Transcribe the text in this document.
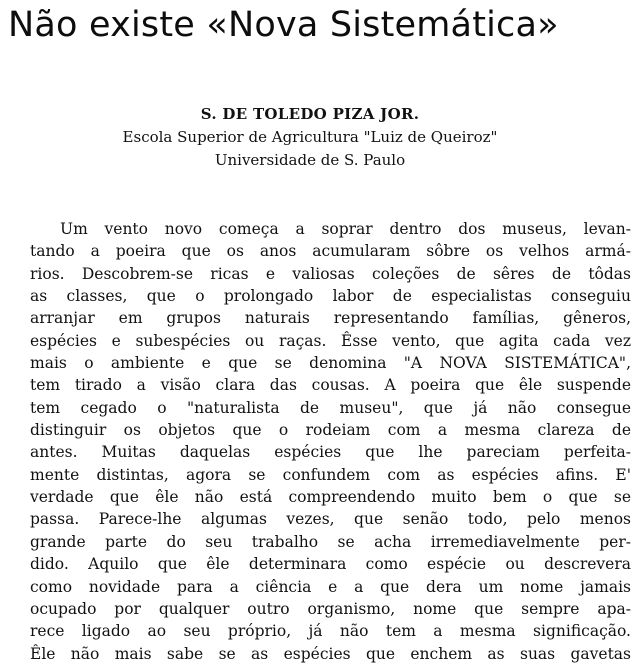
Não existe «Nova Sistemática»
S. DE TOLEDO PIZA JOR.
Escola Superior de Agricultura "Luiz de Queiroz"
Universidade de S. Paulo
Um vento novo começa a soprar dentro dos museus, levan-
tando a poeira que os anos acumularam sôbre os velhos armá-
rios. Descobrem-se ricas e valiosas coleções de sêres de tôdas
as classes, que o prolongado labor de especialistas conseguiu
arranjar em grupos naturais representando famílias, gêneros,
espécies e subespécies ou raças. Êsse vento, que agita cada vez
mais o ambiente e que se denomina "A NOVA SISTEMÁTICA",
tem tirado a visão clara das cousas. A poeira que êle suspende
tem cegado o "naturalista de museu", que já não consegue
distinguir os objetos que o rodeiam com a mesma clareza de
antes. Muitas daquelas espécies que lhe pareciam perfeita-
mente distintas, agora se confundem com as espécies afins. E'
verdade que êle não está compreendendo muito bem o que se
passa. Parece-lhe algumas vezes, que senão todo, pelo menos
grande parte do seu trabalho se acha irremediavelmente per-
dido. Aquilo que êle determinara como espécie ou descrevera
como novidade para a ciência e a que dera um nome jamais
ocupado por qualquer outro organismo, nome que sempre apa-
rece ligado ao seu próprio, já não tem a mesma significação.
Êle não mais sabe se as espécies que enchem as suas gavetas
